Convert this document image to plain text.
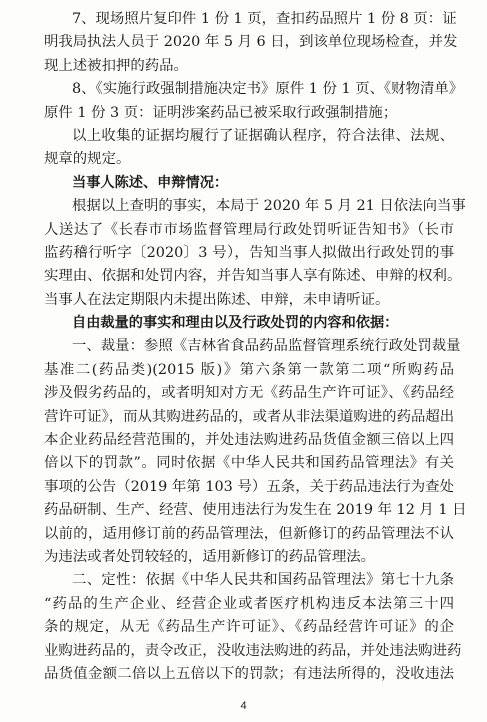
7、现场照片复印件 1 份 1 页，查扣药品照片 1 份 8 页：证
明我局执法人员于 2020 年 5 月 6 日，到该单位现场检查，并发
现上述被扣押的药品。
8、《实施行政强制措施决定书》原件 1 份 1 页、《财物清单》
原件 1 份 3 页：证明涉案药品已被采取行政强制措施；
以上收集的证据均履行了证据确认程序，符合法律、法规、
规章的规定。
当事人陈述、申辩情况：
根据以上查明的事实，本局于 2020 年 5 月 21 日依法向当事
人送达了《长春市市场监督管理局行政处罚听证告知书》（长市
监药稽行听字〔2020〕3 号），告知当事人拟做出行政处罚的事
实理由、依据和处罚内容，并告知当事人享有陈述、申辩的权利。
当事人在法定期限内未提出陈述、申辩，未申请听证。
自由裁量的事实和理由以及行政处罚的内容和依据：
一、裁量：参照《吉林省食品药品监督管理系统行政处罚裁量
基准二(药品类)(2015 版)》第六条第一款第二项“所购药品
涉及假劣药品的，或者明知对方无《药品生产许可证》、《药品经
营许可证》，而从其购进药品的，或者从非法渠道购进的药品超出
本企业药品经营范围的，并处违法购进药品货值金额三倍以上四
倍以下的罚款”。同时依据《中华人民共和国药品管理法》有关
事项的公告（2019 年第 103 号）五条，关于药品违法行为查处
药品研制、生产、经营、使用违法行为发生在 2019 年 12 月 1 日
以前的，适用修订前的药品管理法，但新修订的药品管理法不认
为违法或者处罚较轻的，适用新修订的药品管理法。
二、定性：依据《中华人民共和国药品管理法》第七十九条
“药品的生产企业、经营企业或者医疗机构违反本法第三十四
条的规定，从无《药品生产许可证》、《药品经营许可证》的企
业购进药品的，责令改正，没收违法购进的药品，并处违法购进药
品货值金额二倍以上五倍以下的罚款；有违法所得的，没收违法
4
